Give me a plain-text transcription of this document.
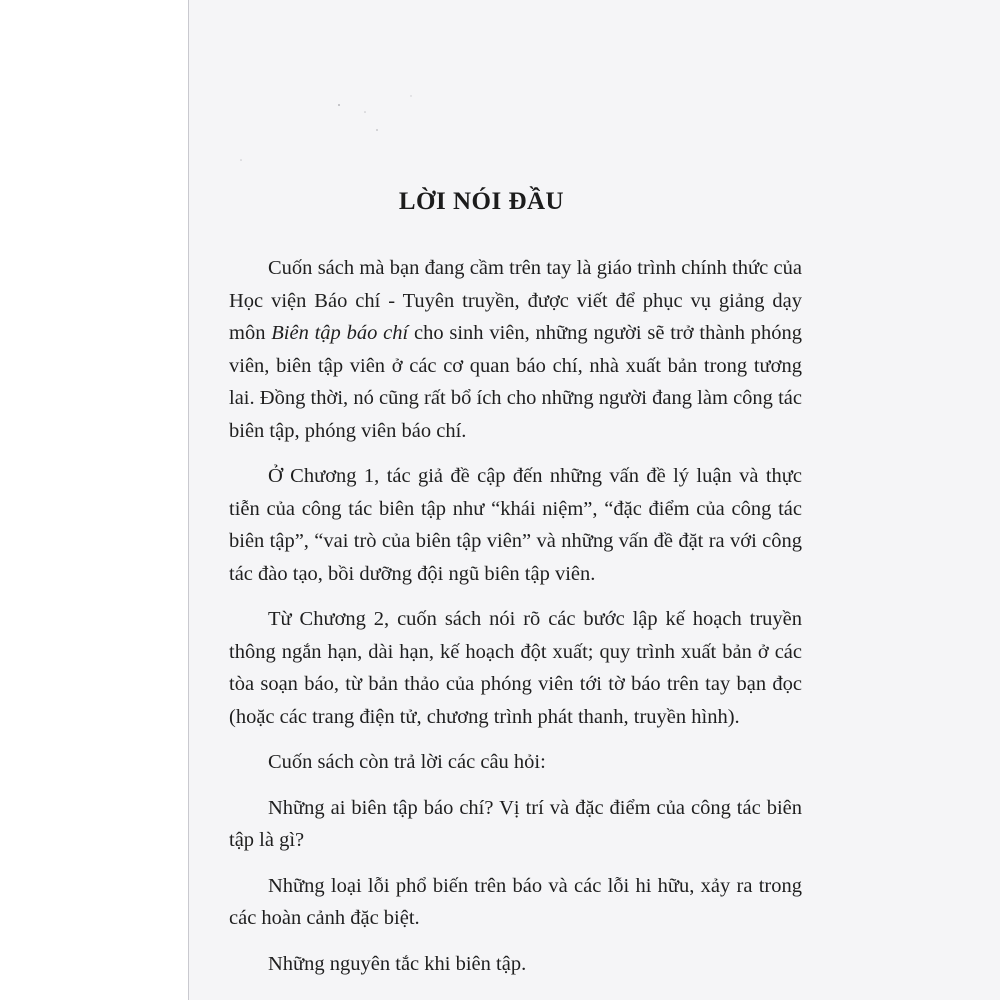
LỜI NÓI ĐẦU

Cuốn sách mà bạn đang cầm trên tay là giáo trình chính thức của Học viện Báo chí - Tuyên truyền, được viết để phục vụ giảng dạy môn Biên tập báo chí cho sinh viên, những người sẽ trở thành phóng viên, biên tập viên ở các cơ quan báo chí, nhà xuất bản trong tương lai. Đồng thời, nó cũng rất bổ ích cho những người đang làm công tác biên tập, phóng viên báo chí.

Ở Chương 1, tác giả đề cập đến những vấn đề lý luận và thực tiễn của công tác biên tập như “khái niệm”, “đặc điểm của công tác biên tập”, “vai trò của biên tập viên” và những vấn đề đặt ra với công tác đào tạo, bồi dưỡng đội ngũ biên tập viên.

Từ Chương 2, cuốn sách nói rõ các bước lập kế hoạch truyền thông ngắn hạn, dài hạn, kế hoạch đột xuất; quy trình xuất bản ở các tòa soạn báo, từ bản thảo của phóng viên tới tờ báo trên tay bạn đọc (hoặc các trang điện tử, chương trình phát thanh, truyền hình).

Cuốn sách còn trả lời các câu hỏi:

Những ai biên tập báo chí? Vị trí và đặc điểm của công tác biên tập là gì?

Những loại lỗi phổ biến trên báo và các lỗi hi hữu, xảy ra trong các hoàn cảnh đặc biệt.

Những nguyên tắc khi biên tập.
